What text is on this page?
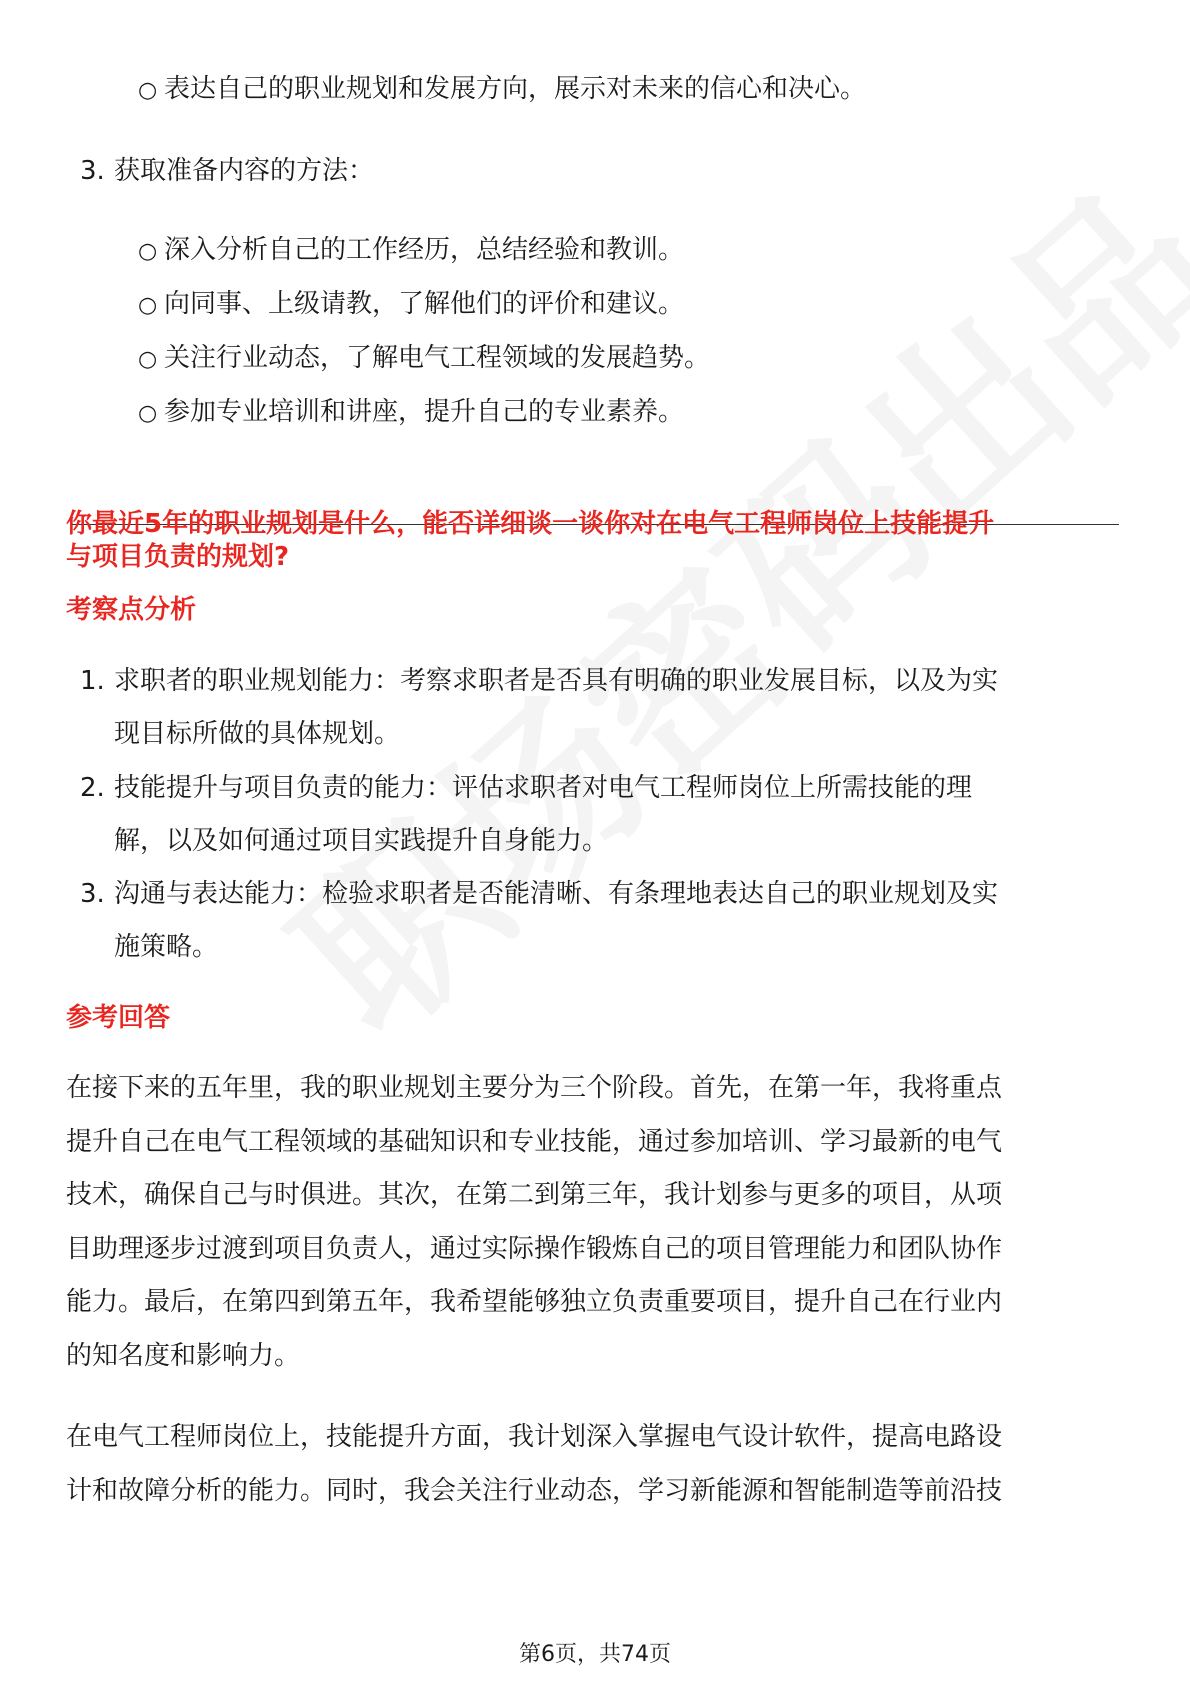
○ 表达自己的职业规划和发展方向，展示对未来的信心和决心。
3. 获取准备内容的方法：
○ 深入分析自己的工作经历，总结经验和教训。
○ 向同事、上级请教，了解他们的评价和建议。
○ 关注行业动态，了解电气工程领域的发展趋势。
○ 参加专业培训和讲座，提升自己的专业素养。
你最近5年的职业规划是什么，能否详细谈一谈你对在电气工程师岗位上技能提升
与项目负责的规划?
考察点分析
1. 求职者的职业规划能力：考察求职者是否具有明确的职业发展目标，以及为实
现目标所做的具体规划。
2. 技能提升与项目负责的能力：评估求职者对电气工程师岗位上所需技能的理
解，以及如何通过项目实践提升自身能力。
3. 沟通与表达能力：检验求职者是否能清晰、有条理地表达自己的职业规划及实
施策略。
参考回答
在接下来的五年里，我的职业规划主要分为三个阶段。首先，在第一年，我将重点
提升自己在电气工程领域的基础知识和专业技能，通过参加培训、学习最新的电气
技术，确保自己与时俱进。其次，在第二到第三年，我计划参与更多的项目，从项
目助理逐步过渡到项目负责人，通过实际操作锻炼自己的项目管理能力和团队协作
能力。最后，在第四到第五年，我希望能够独立负责重要项目，提升自己在行业内
的知名度和影响力。
在电气工程师岗位上，技能提升方面，我计划深入掌握电气设计软件，提高电路设
计和故障分析的能力。同时，我会关注行业动态，学习新能源和智能制造等前沿技
第6页，共74页
